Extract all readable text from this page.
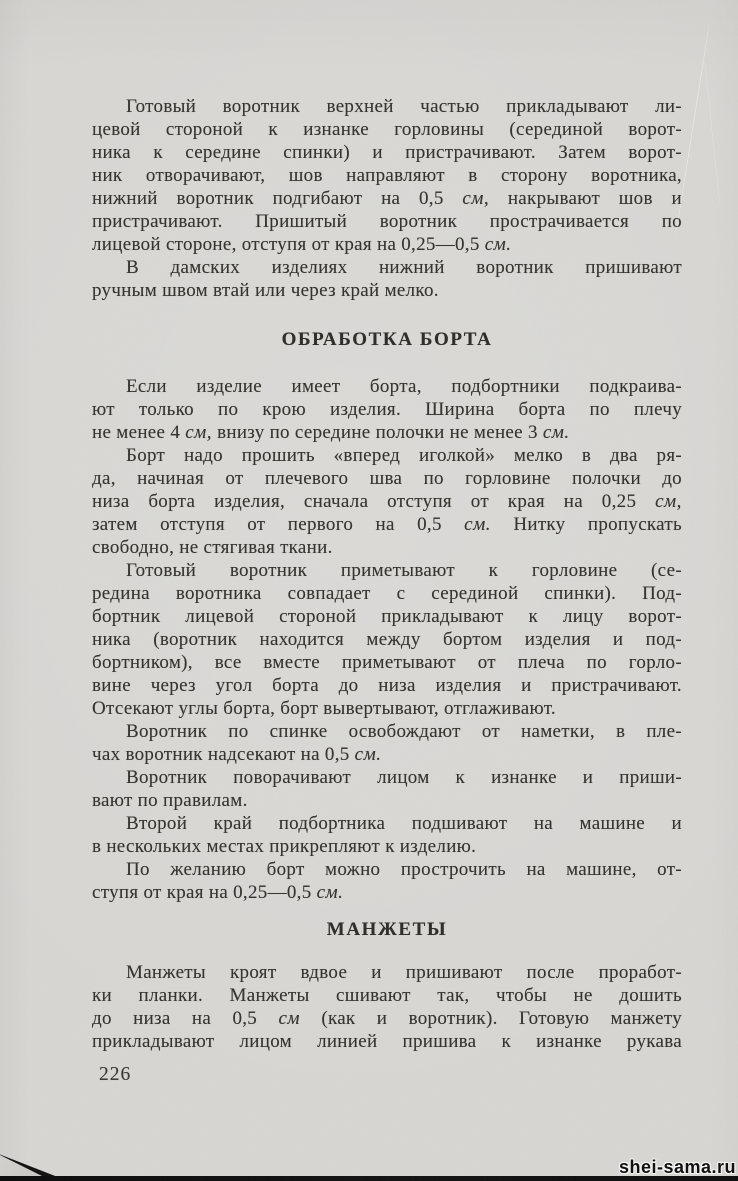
Готовый воротник верхней частью прикладывают ли-
цевой стороной к изнанке горловины (серединой ворот-
ника к середине спинки) и пристрачивают. Затем ворот-
ник отворачивают, шов направляют в сторону воротника,
нижний воротник подгибают на 0,5 см, накрывают шов и
пристрачивают. Пришитый воротник прострачивается по
лицевой стороне, отступя от края на 0,25—0,5 см.
В дамских изделиях нижний воротник пришивают
ручным швом втай или через край мелко.
ОБРАБОТКА БОРТА
Если изделие имеет борта, подбортники подкраива-
ют только по крою изделия. Ширина борта по плечу
не менее 4 см, внизу по середине полочки не менее 3 см.
Борт надо прошить «вперед иголкой» мелко в два ря-
да, начиная от плечевого шва по горловине полочки до
низа борта изделия, сначала отступя от края на 0,25 см,
затем отступя от первого на 0,5 см. Нитку пропускать
свободно, не стягивая ткани.
Готовый воротник приметывают к горловине (се-
редина воротника совпадает с серединой спинки). Под-
бортник лицевой стороной прикладывают к лицу ворот-
ника (воротник находится между бортом изделия и под-
бортником), все вместе приметывают от плеча по горло-
вине через угол борта до низа изделия и пристрачивают.
Отсекают углы борта, борт вывертывают, отглаживают.
Воротник по спинке освобождают от наметки, в пле-
чах воротник надсекают на 0,5 см.
Воротник поворачивают лицом к изнанке и приши-
вают по правилам.
Второй край подбортника подшивают на машине и
в нескольких местах прикрепляют к изделию.
По желанию борт можно прострочить на машине, от-
ступя от края на 0,25—0,5 см.
МАНЖЕТЫ
Манжеты кроят вдвое и пришивают после проработ-
ки планки. Манжеты сшивают так, чтобы не дошить
до низа на 0,5 см (как и воротник). Готовую манжету
прикладывают лицом линией пришива к изнанке рукава
226
shei-sama.ru
